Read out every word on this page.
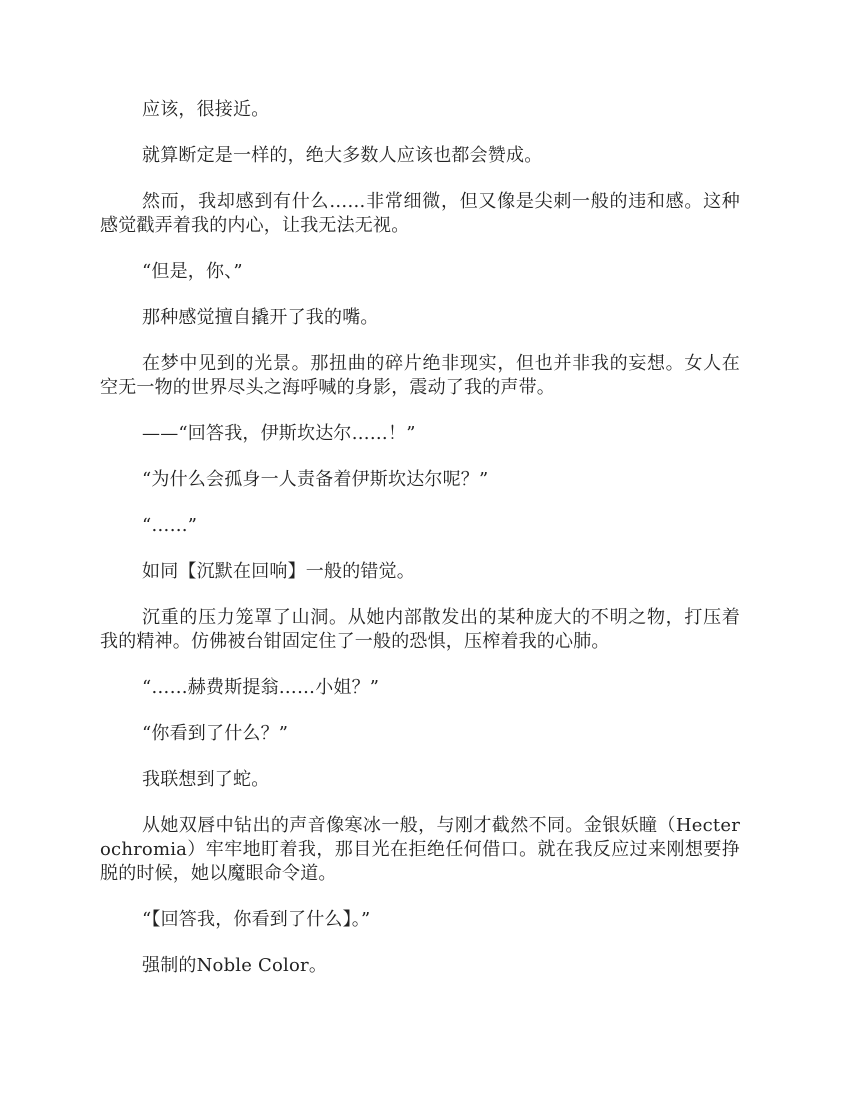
应该，很接近。

就算断定是一样的，绝大多数人应该也都会赞成。

然而，我却感到有什么……非常细微，但又像是尖刺一般的违和感。这种感觉戳弄着我的内心，让我无法无视。

“但是，你、”

那种感觉擅自撬开了我的嘴。

在梦中见到的光景。那扭曲的碎片绝非现实，但也并非我的妄想。女人在空无一物的世界尽头之海呼喊的身影，震动了我的声带。

——“回答我，伊斯坎达尔……！”

“为什么会孤身一人责备着伊斯坎达尔呢？”

“……”

如同【沉默在回响】一般的错觉。

沉重的压力笼罩了山洞。从她内部散发出的某种庞大的不明之物，打压着我的精神。仿佛被台钳固定住了一般的恐惧，压榨着我的心肺。

“……赫费斯提翁……小姐？”

“你看到了什么？”

我联想到了蛇。

从她双唇中钻出的声音像寒冰一般，与刚才截然不同。金银妖瞳（Hecterochromia）牢牢地盯着我，那目光在拒绝任何借口。就在我反应过来刚想要挣脱的时候，她以魔眼命令道。

“【回答我，你看到了什么】。”

强制的Noble Color。
